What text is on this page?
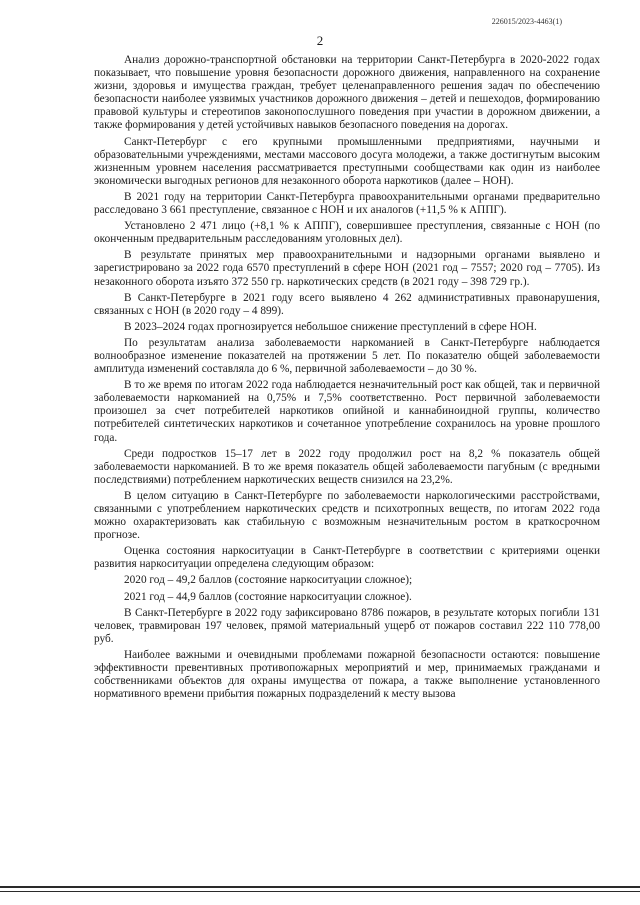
226015/2023-4463(1)
2

Анализ дорожно-транспортной обстановки на территории Санкт-Петербурга в 2020-2022 годах показывает, что повышение уровня безопасности дорожного движения, направленного на сохранение жизни, здоровья и имущества граждан, требует целенаправленного решения задач по обеспечению безопасности наиболее уязвимых участников дорожного движения – детей и пешеходов, формированию правовой культуры и стереотипов законопослушного поведения при участии в дорожном движении, а также формирования у детей устойчивых навыков безопасного поведения на дорогах.

Санкт-Петербург с его крупными промышленными предприятиями, научными и образовательными учреждениями, местами массового досуга молодежи, а также достигнутым высоким жизненным уровнем населения рассматривается преступными сообществами как один из наиболее экономически выгодных регионов для незаконного оборота наркотиков (далее – НОН).

В 2021 году на территории Санкт-Петербурга правоохранительными органами предварительно расследовано 3 661 преступление, связанное с НОН и их аналогов (+11,5 % к АППГ).

Установлено 2 471 лицо (+8,1 % к АППГ), совершившее преступления, связанные с НОН (по оконченным предварительным расследованиям уголовных дел).

В результате принятых мер правоохранительными и надзорными органами выявлено и зарегистрировано за 2022 года 6570 преступлений в сфере НОН (2021 год – 7557; 2020 год – 7705). Из незаконного оборота изъято 372 550 гр. наркотических средств (в 2021 году – 398 729 гр.).

В Санкт-Петербурге в 2021 году всего выявлено 4 262 административных правонарушения, связанных с НОН (в 2020 году – 4 899).

В 2023–2024 годах прогнозируется небольшое снижение преступлений в сфере НОН.

По результатам анализа заболеваемости наркоманией в Санкт-Петербурге наблюдается волнообразное изменение показателей на протяжении 5 лет. По показателю общей заболеваемости амплитуда изменений составляла до 6 %, первичной заболеваемости – до 30 %.

В то же время по итогам 2022 года наблюдается незначительный рост как общей, так и первичной заболеваемости наркоманией на 0,75% и 7,5% соответственно. Рост первичной заболеваемости произошел за счет потребителей наркотиков опийной и каннабиноидной группы, количество потребителей синтетических наркотиков и сочетанное употребление сохранилось на уровне прошлого года.

Среди подростков 15–17 лет в 2022 году продолжил рост на 8,2 % показатель общей заболеваемости наркоманией. В то же время показатель общей заболеваемости пагубным (с вредными последствиями) потреблением наркотических веществ снизился на 23,2%.

В целом ситуацию в Санкт-Петербурге по заболеваемости наркологическими расстройствами, связанными с употреблением наркотических средств и психотропных веществ, по итогам 2022 года можно охарактеризовать как стабильную с возможным незначительным ростом в краткосрочном прогнозе.

Оценка состояния наркоситуации в Санкт-Петербурге в соответствии с критериями оценки развития наркоситуации определена следующим образом:

2020 год – 49,2 баллов (состояние наркоситуации сложное);

2021 год – 44,9 баллов (состояние наркоситуации сложное).

В Санкт-Петербурге в 2022 году зафиксировано 8786 пожаров, в результате которых погибли 131 человек, травмирован 197 человек, прямой материальный ущерб от пожаров составил 222 110 778,00 руб.

Наиболее важными и очевидными проблемами пожарной безопасности остаются: повышение эффективности превентивных противопожарных мероприятий и мер, принимаемых гражданами и собственниками объектов для охраны имущества от пожара, а также выполнение установленного нормативного времени прибытия пожарных подразделений к месту вызова
